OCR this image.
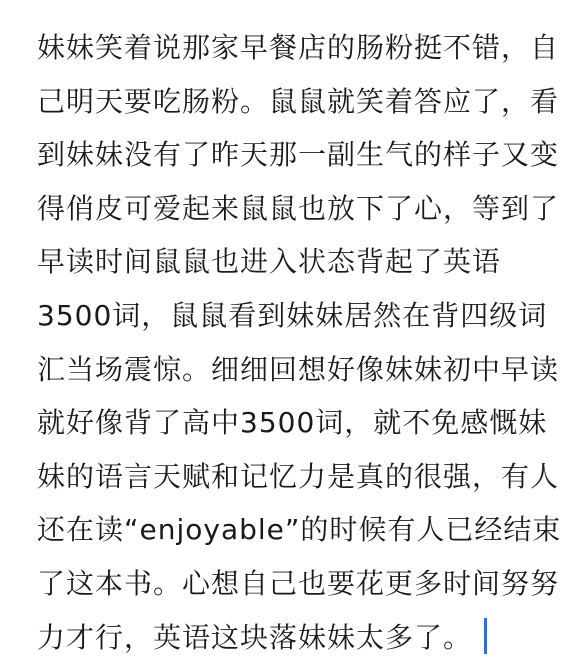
妹妹笑着说那家早餐店的肠粉挺不错，自
己明天要吃肠粉。鼠鼠就笑着答应了，看
到妹妹没有了昨天那一副生气的样子又变
得俏皮可爱起来鼠鼠也放下了心，等到了
早读时间鼠鼠也进入状态背起了英语
3500词，鼠鼠看到妹妹居然在背四级词
汇当场震惊。细细回想好像妹妹初中早读
就好像背了高中3500词，就不免感慨妹
妹的语言天赋和记忆力是真的很强，有人
还在读“enjoyable”的时候有人已经结束
了这本书。心想自己也要花更多时间努努
力才行，英语这块落妹妹太多了。
